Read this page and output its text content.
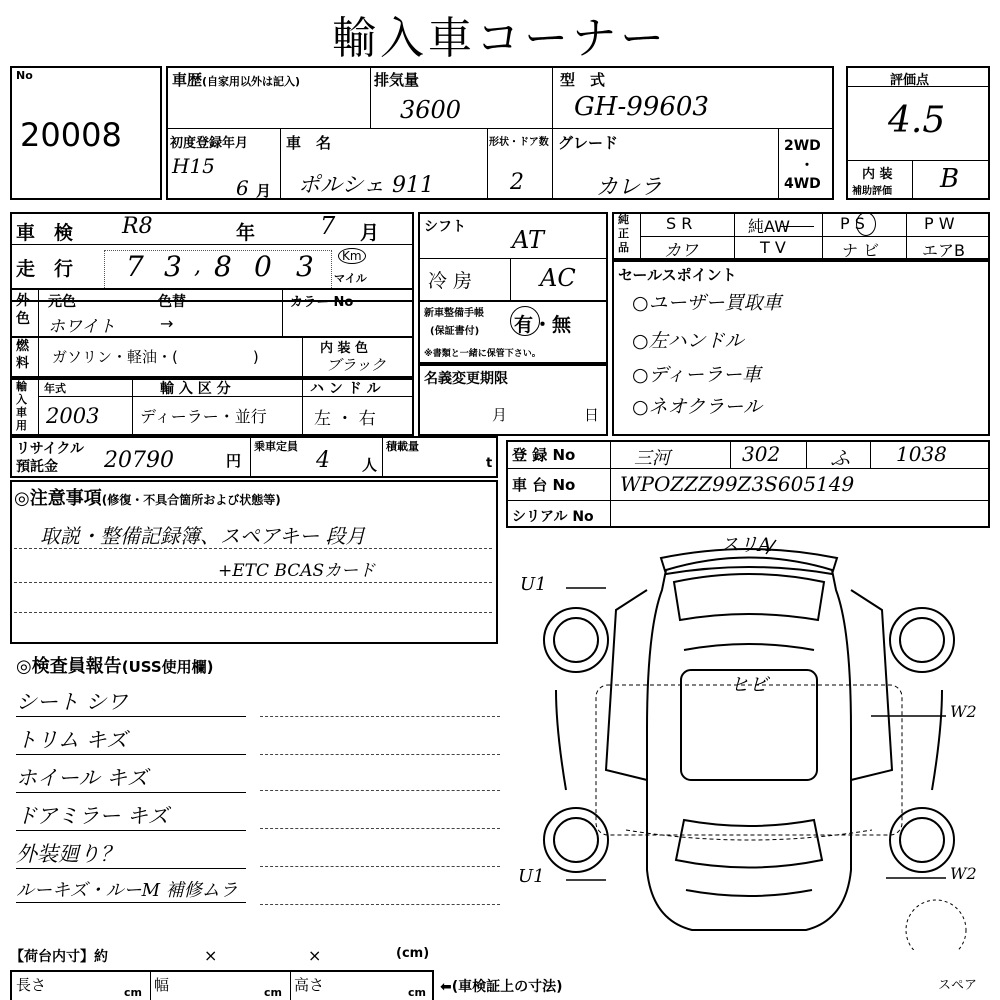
輸入車コーナー
No
20008
車歴(自家用以外は記入)	排気量
3600
型　式
GH-99603
初度登録年月
H15
6 月
車　名
ポルシェ 911
形状・ドア数
2
グレード
カレラ
2WD
・
4WD
評価点
4.5
内 装
補助評価 B
車　検 R8	年	7 月
走　行 7 3 , 8 0 3	Km
マイル
外色
元色	色替	カラー No
ホワイト	→
燃料 ガソリン・軽油・(　　　　　)	内 装 色
ブラック
輸入車用
年式
2003
輸 入 区 分
ディーラー・並行
ハ ン ド ル
左 ・ 右
シフト AT
冷 房	AC
新車整備手帳
(保証書付) 有・無
※書類と一緒に保管下さい。
名義変更期限
月	日
純正品
S R	純AW	P S	P W
カワ	T V	ナ ビ	エアB
セールスポイント
○ユーザー買取車
○左ハンドル
○ディーラー車
○ネオクラール
リサイクル
預託金 20790	円
乗車定員
4 人
積載量
t 登 録 No	三河	302 ふ 1038
車 台 No WPOZZZ99Z3S605149
シリアル No
◎注意事項(修復・不具合箇所および状態等)
取説・整備記録簿、スペアキー 段月
+ETC BCASカード
◎検査員報告(USS使用欄)
シート シワ
トリム キズ
ホイール キズ
ドアミラー キズ
外装廻り？
ルーキズ・ルーM 補修ムラ
スリA
U1
U1
W2
W2
ヒビ
スペア
【荷台内寸】約	×	×	(cm)
長さ	cm 幅	cm 高さ	cm ⬅(車検証上の寸法)
